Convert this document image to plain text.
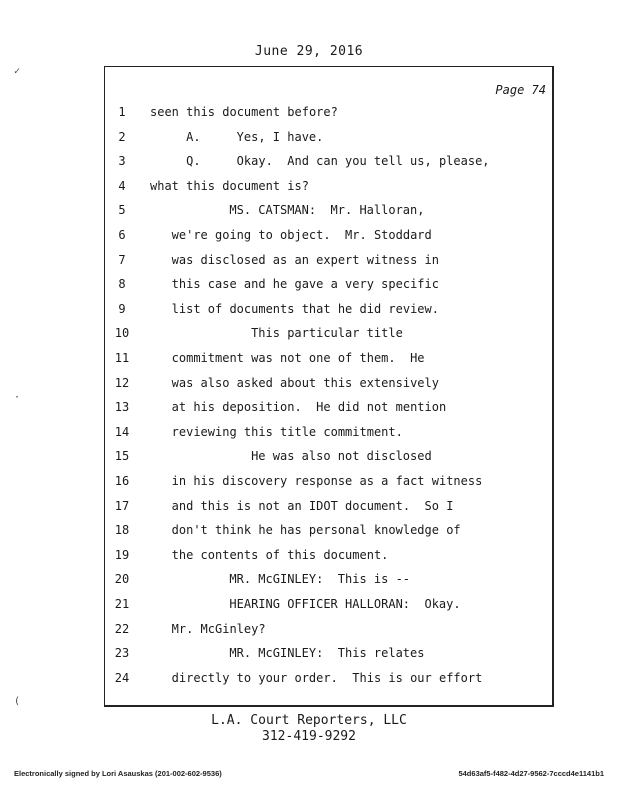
June 29, 2016
Page 74
1	seen this document before?
2	A.     Yes, I have.
3	Q.     Okay.  And can you tell us, please,
4	what this document is?
5	MS. CATSMAN:  Mr. Halloran,
6	we're going to object.  Mr. Stoddard
7	was disclosed as an expert witness in
8	this case and he gave a very specific
9	list of documents that he did review.
10	This particular title
11	commitment was not one of them.  He
12	was also asked about this extensively
13	at his deposition.  He did not mention
14	reviewing this title commitment.
15	He was also not disclosed
16	in his discovery response as a fact witness
17	and this is not an IDOT document.  So I
18	don't think he has personal knowledge of
19	the contents of this document.
20	MR. McGINLEY:  This is --
21	HEARING OFFICER HALLORAN:  Okay.
22	Mr. McGinley?
23	MR. McGINLEY:  This relates
24	directly to your order.  This is our effort
L.A. Court Reporters, LLC
312-419-9292
Electronically signed by Lori Asauskas (201-002-602-9536)	54d63af5-f482-4d27-9562-7cccd4e1141b1
✓
·
(
